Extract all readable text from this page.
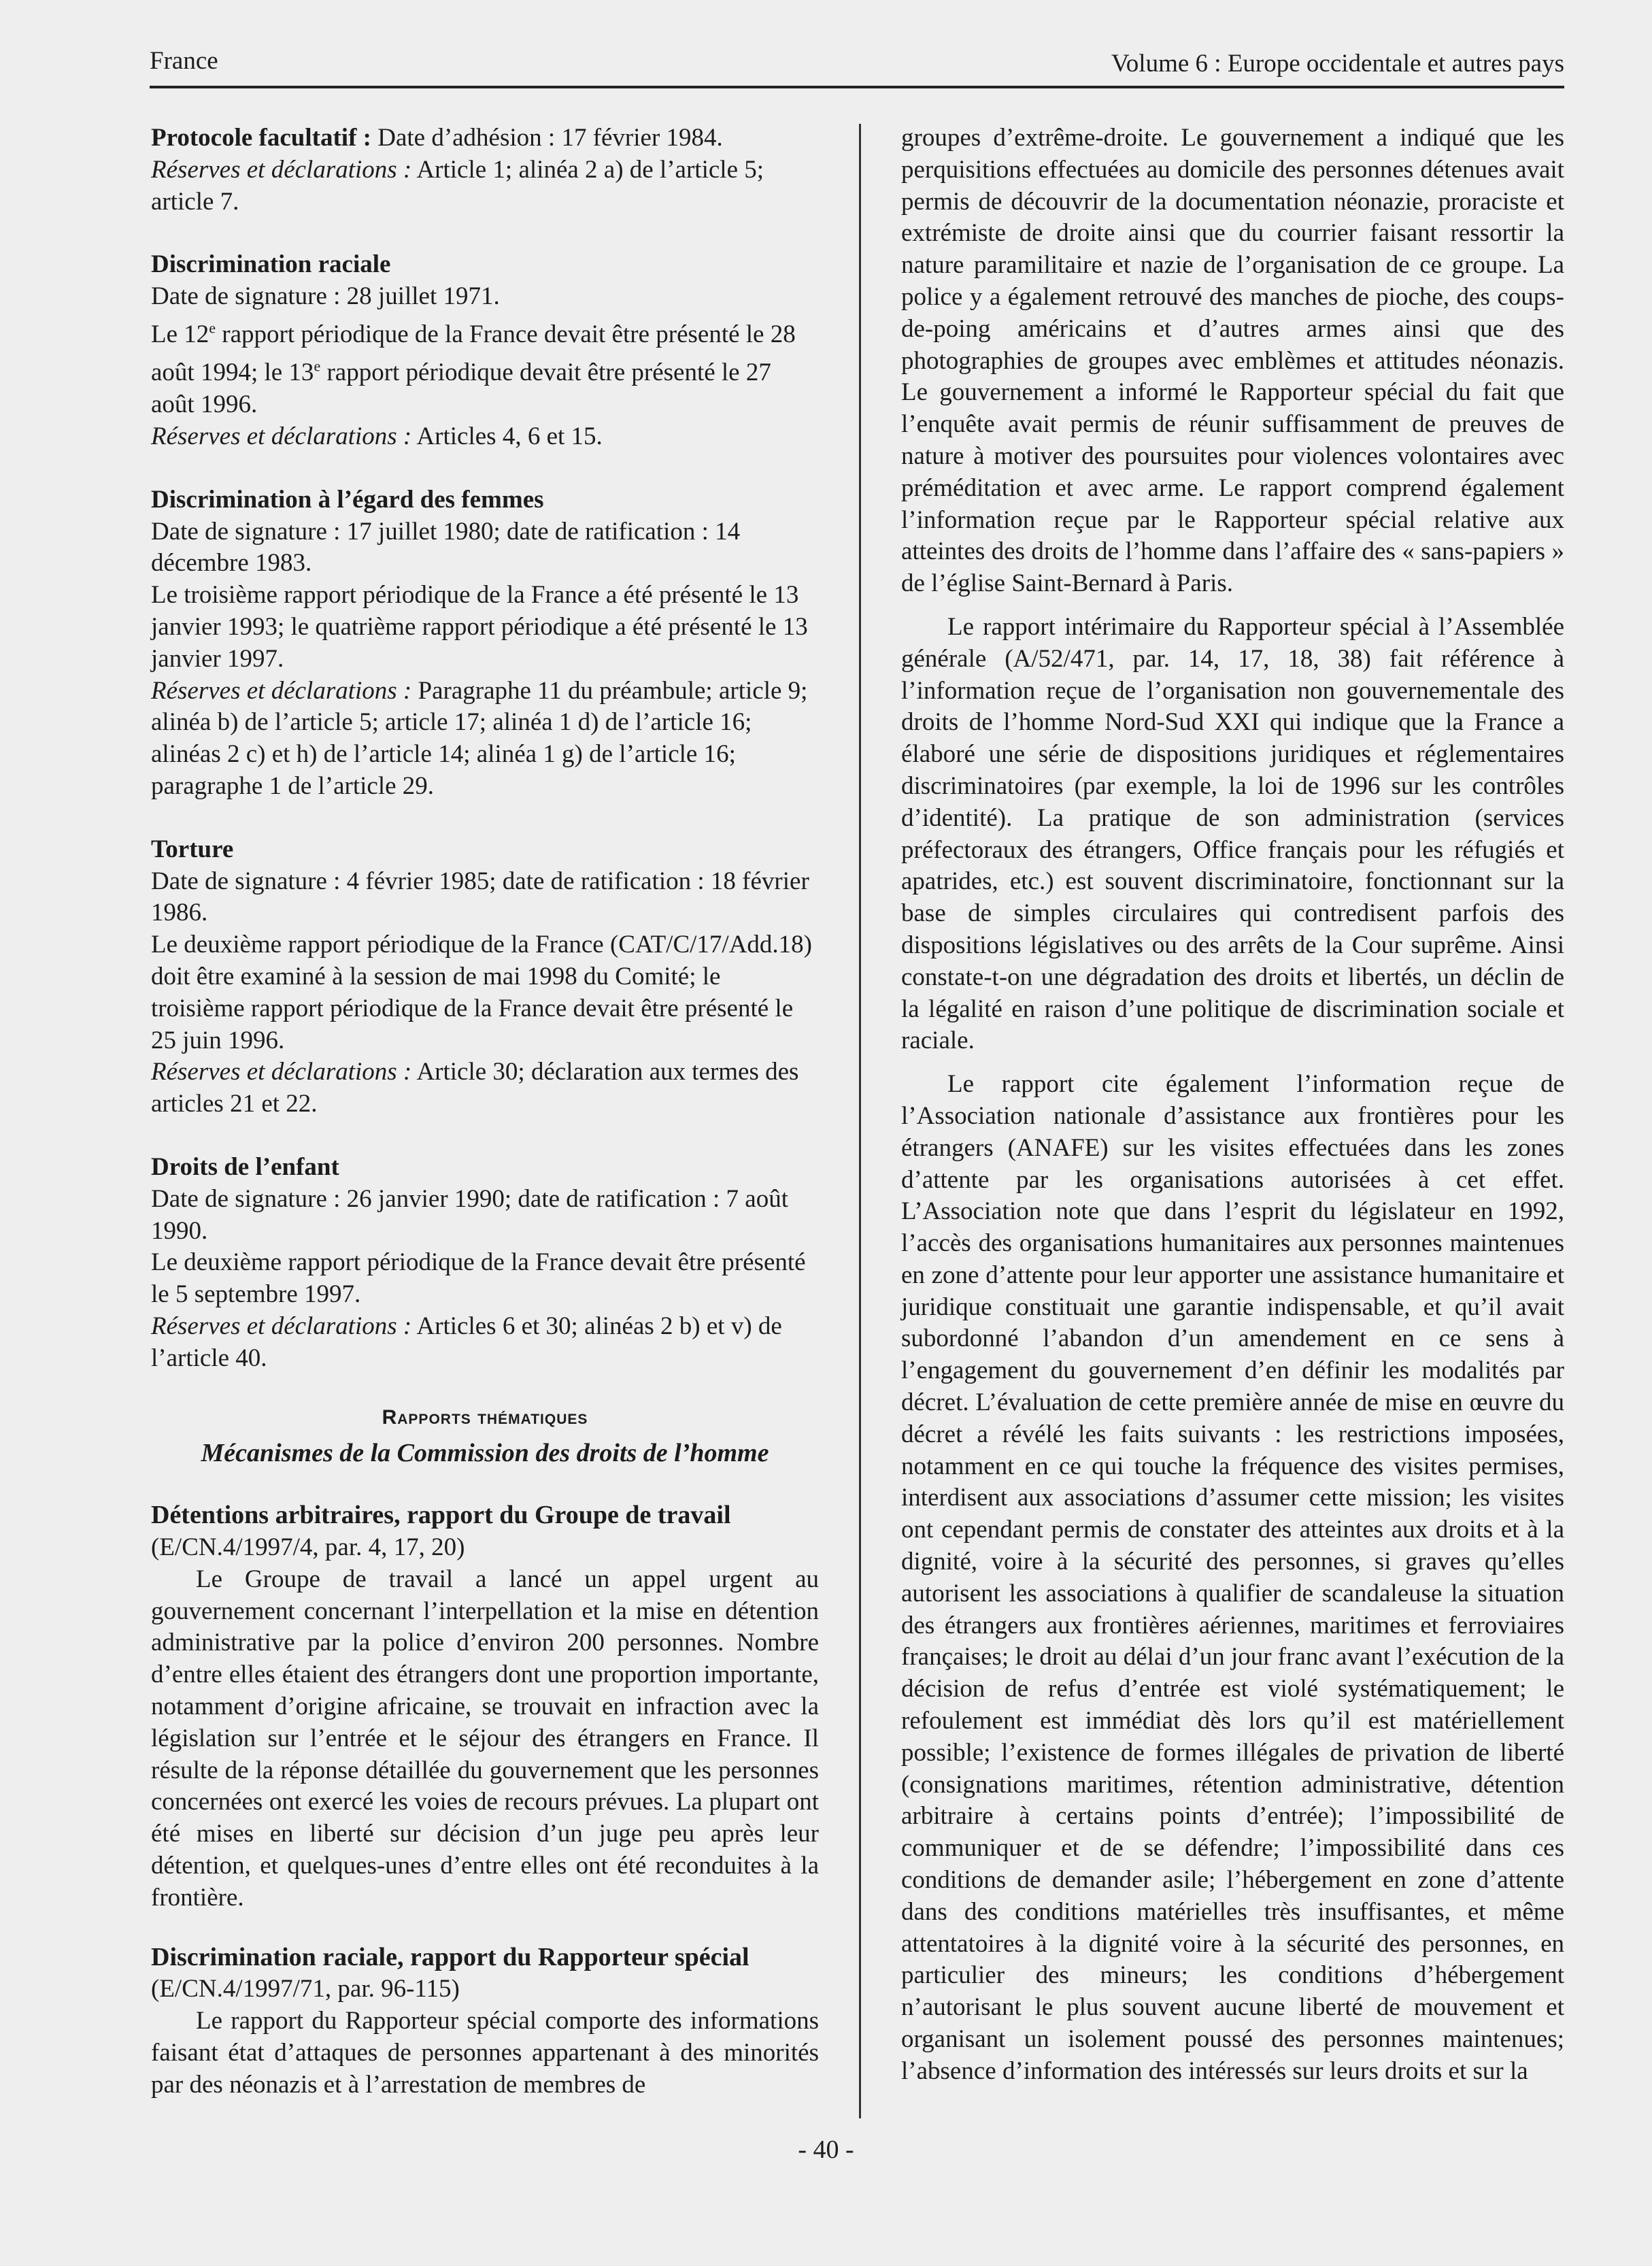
France	Volume 6 : Europe occidentale et autres pays
Protocole facultatif : Date d’adhésion : 17 février 1984.
Réserves et déclarations : Article 1; alinéa 2 a) de l’article 5; article 7.
Discrimination raciale
Date de signature : 28 juillet 1971.
Le 12e rapport périodique de la France devait être présenté le 28 août 1994; le 13e rapport périodique devait être présenté le 27 août 1996.
Réserves et déclarations : Articles 4, 6 et 15.
Discrimination à l’égard des femmes
Date de signature : 17 juillet 1980; date de ratification : 14 décembre 1983.
Le troisième rapport périodique de la France a été présenté le 13 janvier 1993; le quatrième rapport périodique a été présenté le 13 janvier 1997.
Réserves et déclarations : Paragraphe 11 du préambule; article 9; alinéa b) de l’article 5; article 17; alinéa 1 d) de l’article 16; alinéas 2 c) et h) de l’article 14; alinéa 1 g) de l’article 16; paragraphe 1 de l’article 29.
Torture
Date de signature : 4 février 1985; date de ratification : 18 février 1986.
Le deuxième rapport périodique de la France (CAT/C/17/Add.18) doit être examiné à la session de mai 1998 du Comité; le troisième rapport périodique de la France devait être présenté le 25 juin 1996.
Réserves et déclarations : Article 30; déclaration aux termes des articles 21 et 22.
Droits de l’enfant
Date de signature : 26 janvier 1990; date de ratification : 7 août 1990.
Le deuxième rapport périodique de la France devait être présenté le 5 septembre 1997.
Réserves et déclarations : Articles 6 et 30; alinéas 2 b) et v) de l’article 40.
Rapports thématiques
Mécanismes de la Commission des droits de l’homme
Détentions arbitraires, rapport du Groupe de travail
(E/CN.4/1997/4, par. 4, 17, 20)

Le Groupe de travail a lancé un appel urgent au gouvernement concernant l’interpellation et la mise en détention administrative par la police d’environ 200 personnes. Nombre d’entre elles étaient des étrangers dont une proportion importante, notamment d’origine africaine, se trouvait en infraction avec la législation sur l’entrée et le séjour des étrangers en France. Il résulte de la réponse détaillée du gouvernement que les personnes concernées ont exercé les voies de recours prévues. La plupart ont été mises en liberté sur décision d’un juge peu après leur détention, et quelques-unes d’entre elles ont été reconduites à la frontière.

Discrimination raciale, rapport du Rapporteur spécial
(E/CN.4/1997/71, par. 96-115)

Le rapport du Rapporteur spécial comporte des informations faisant état d’attaques de personnes appartenant à des minorités par des néonazis et à l’arrestation de membres de

groupes d’extrême-droite. Le gouvernement a indiqué que les perquisitions effectuées au domicile des personnes détenues avait permis de découvrir de la documentation néonazie, proraciste et extrémiste de droite ainsi que du courrier faisant ressortir la nature paramilitaire et nazie de l’organisation de ce groupe. La police y a également retrouvé des manches de pioche, des coups-de-poing américains et d’autres armes ainsi que des photographies de groupes avec emblèmes et attitudes néonazis. Le gouvernement a informé le Rapporteur spécial du fait que l’enquête avait permis de réunir suffisamment de preuves de nature à motiver des poursuites pour violences volontaires avec préméditation et avec arme. Le rapport comprend également l’information reçue par le Rapporteur spécial relative aux atteintes des droits de l’homme dans l’affaire des « sans-papiers » de l’église Saint-Bernard à Paris.

Le rapport intérimaire du Rapporteur spécial à l’Assemblée générale (A/52/471, par. 14, 17, 18, 38) fait référence à l’information reçue de l’organisation non gouvernementale des droits de l’homme Nord-Sud XXI qui indique que la France a élaboré une série de dispositions juridiques et réglementaires discriminatoires (par exemple, la loi de 1996 sur les contrôles d’identité). La pratique de son administration (services préfectoraux des étrangers, Office français pour les réfugiés et apatrides, etc.) est souvent discriminatoire, fonctionnant sur la base de simples circulaires qui contredisent parfois des dispositions législatives ou des arrêts de la Cour suprême. Ainsi constate-t-on une dégradation des droits et libertés, un déclin de la légalité en raison d’une politique de discrimination sociale et raciale.

Le rapport cite également l’information reçue de l’Association nationale d’assistance aux frontières pour les étrangers (ANAFE) sur les visites effectuées dans les zones d’attente par les organisations autorisées à cet effet. L’Association note que dans l’esprit du législateur en 1992, l’accès des organisations humanitaires aux personnes maintenues en zone d’attente pour leur apporter une assistance humanitaire et juridique constituait une garantie indispensable, et qu’il avait subordonné l’abandon d’un amendement en ce sens à l’engagement du gouvernement d’en définir les modalités par décret. L’évaluation de cette première année de mise en œuvre du décret a révélé les faits suivants : les restrictions imposées, notamment en ce qui touche la fréquence des visites permises, interdisent aux associations d’assumer cette mission; les visites ont cependant permis de constater des atteintes aux droits et à la dignité, voire à la sécurité des personnes, si graves qu’elles autorisent les associations à qualifier de scandaleuse la situation des étrangers aux frontières aériennes, maritimes et ferroviaires françaises; le droit au délai d’un jour franc avant l’exécution de la décision de refus d’entrée est violé systématiquement; le refoulement est immédiat dès lors qu’il est matériellement possible; l’existence de formes illégales de privation de liberté (consignations maritimes, rétention administrative, détention arbitraire à certains points d’entrée); l’impossibilité de communiquer et de se défendre; l’impossibilité dans ces conditions de demander asile; l’hébergement en zone d’attente dans des conditions matérielles très insuffisantes, et même attentatoires à la dignité voire à la sécurité des personnes, en particulier des mineurs; les conditions d’hébergement n’autorisant le plus souvent aucune liberté de mouvement et organisant un isolement poussé des personnes maintenues; l’absence d’information des intéressés sur leurs droits et sur la

- 40 -
